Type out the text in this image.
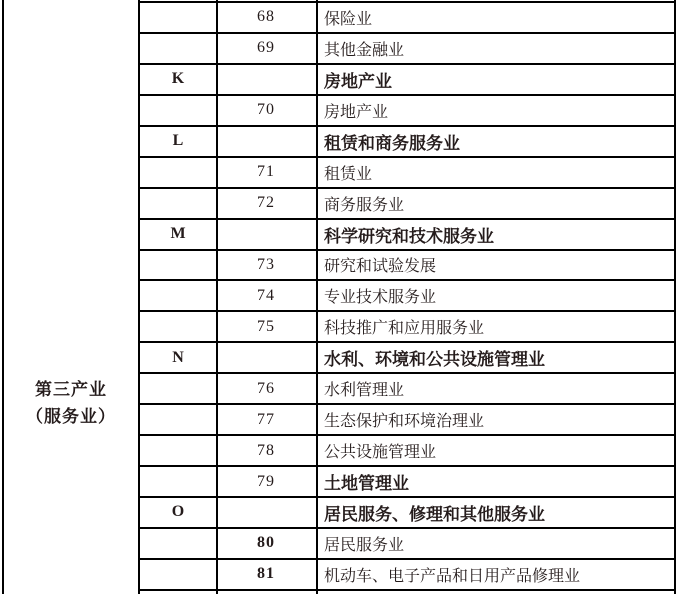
第三产业
（服务业）
68	保险业
69	其他金融业
K	房地产业
70	房地产业
L	租赁和商务服务业
71	租赁业
72	商务服务业
M	科学研究和技术服务业
73	研究和试验发展
74	专业技术服务业
75	科技推广和应用服务业
N	水利、环境和公共设施管理业
76	水利管理业
77	生态保护和环境治理业
78	公共设施管理业
79	土地管理业
O	居民服务、修理和其他服务业
80	居民服务业
81	机动车、电子产品和日用产品修理业
